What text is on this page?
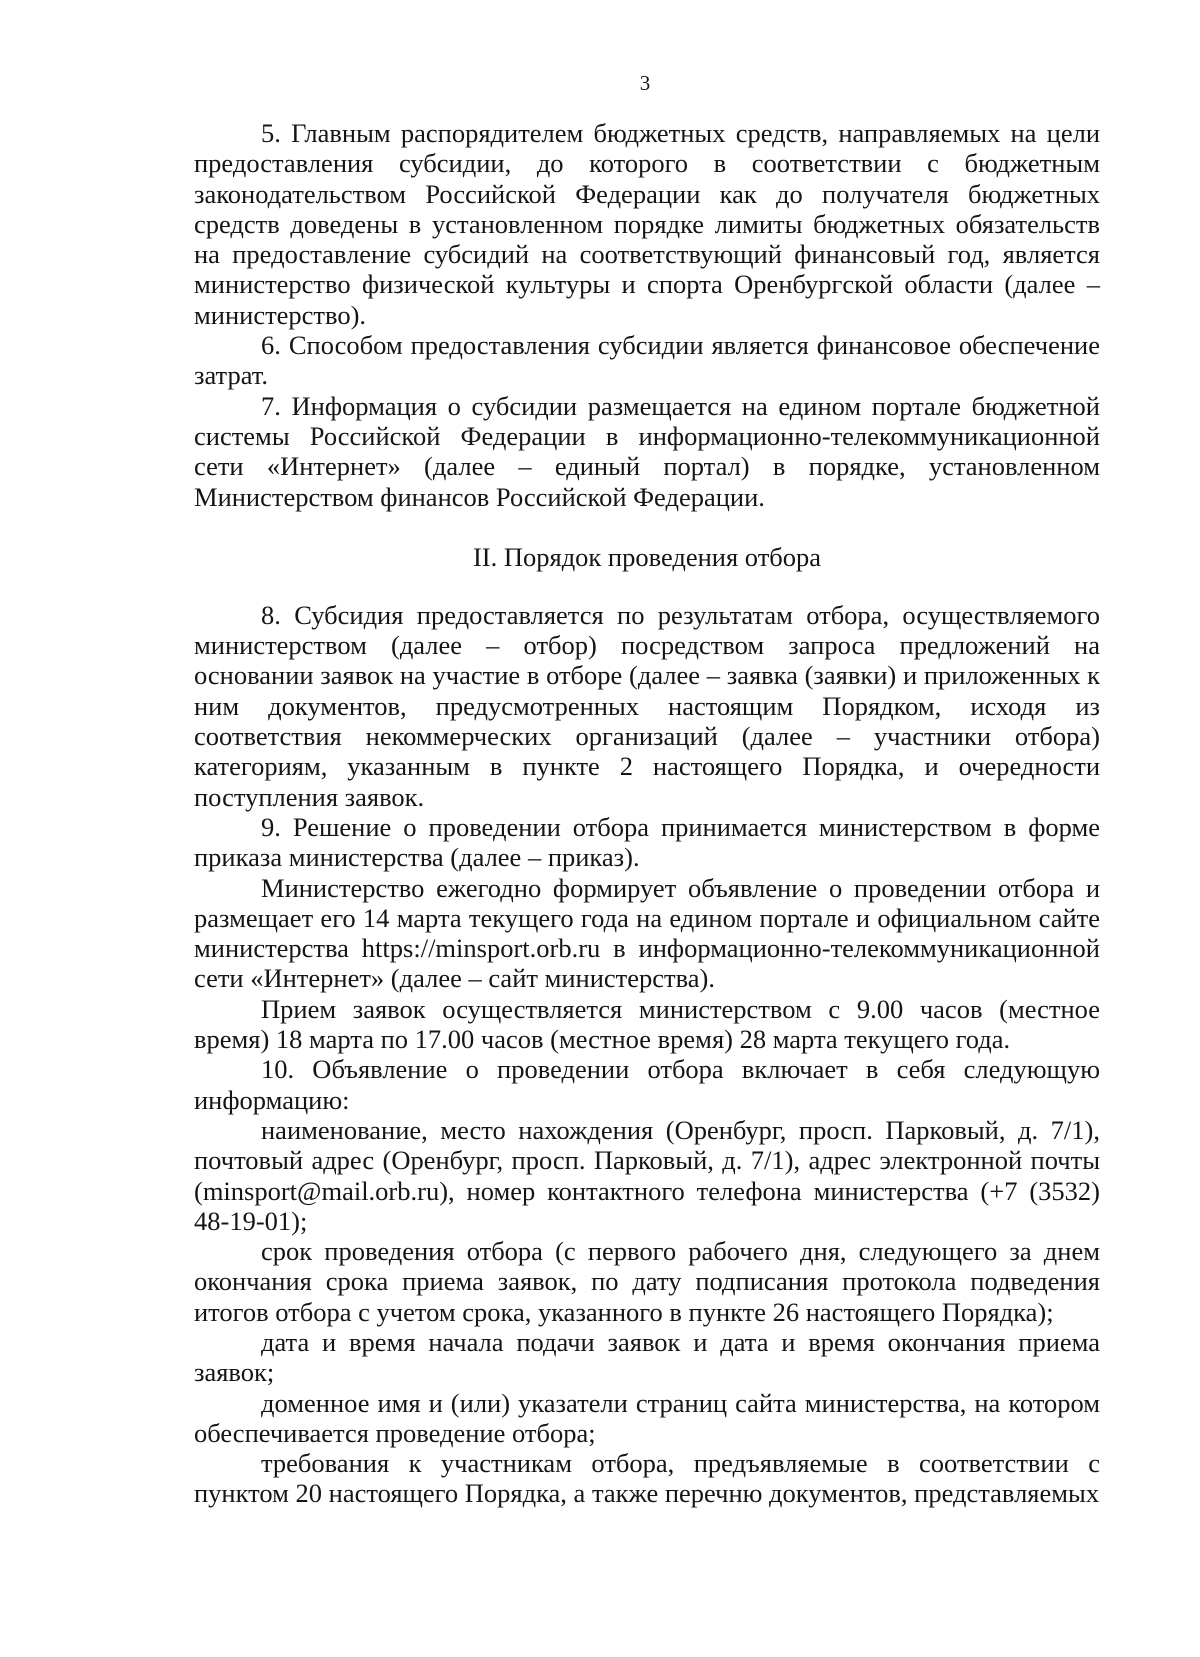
3

5. Главным распорядителем бюджетных средств, направляемых на цели предоставления субсидии, до которого в соответствии с бюджетным законодательством Российской Федерации как до получателя бюджетных средств доведены в установленном порядке лимиты бюджетных обязательств на предоставление субсидий на соответствующий финансовый год, является министерство физической культуры и спорта Оренбургской области (далее – министерство).

6. Способом предоставления субсидии является финансовое обеспечение затрат.

7. Информация о субсидии размещается на едином портале бюджетной системы Российской Федерации в информационно-телекоммуникационной сети «Интернет» (далее – единый портал) в порядке, установленном Министерством финансов Российской Федерации.

II. Порядок проведения отбора

8. Субсидия предоставляется по результатам отбора, осуществляемого министерством (далее – отбор) посредством запроса предложений на основании заявок на участие в отборе (далее – заявка (заявки) и приложенных к ним документов, предусмотренных настоящим Порядком, исходя из соответствия некоммерческих организаций (далее – участники отбора) категориям, указанным в пункте 2 настоящего Порядка, и очередности поступления заявок.

9. Решение о проведении отбора принимается министерством в форме приказа министерства (далее – приказ).

Министерство ежегодно формирует объявление о проведении отбора и размещает его 14 марта текущего года на едином портале и официальном сайте министерства https://minsport.orb.ru в информационно-телекоммуникационной сети «Интернет» (далее – сайт министерства).

Прием заявок осуществляется министерством с 9.00 часов (местное время) 18 марта по 17.00 часов (местное время) 28 марта текущего года.

10. Объявление о проведении отбора включает в себя следующую информацию:

наименование, место нахождения (Оренбург, просп. Парковый, д. 7/1), почтовый адрес (Оренбург, просп. Парковый, д. 7/1), адрес электронной почты (minsport@mail.orb.ru), номер контактного телефона министерства (+7 (3532) 48-19-01);

срок проведения отбора (с первого рабочего дня, следующего за днем окончания срока приема заявок, по дату подписания протокола подведения итогов отбора с учетом срока, указанного в пункте 26 настоящего Порядка);

дата и время начала подачи заявок и дата и время окончания приема заявок;

доменное имя и (или) указатели страниц сайта министерства, на котором обеспечивается проведение отбора;

требования к участникам отбора, предъявляемые в соответствии с пунктом 20 настоящего Порядка, а также перечню документов, представляемых
